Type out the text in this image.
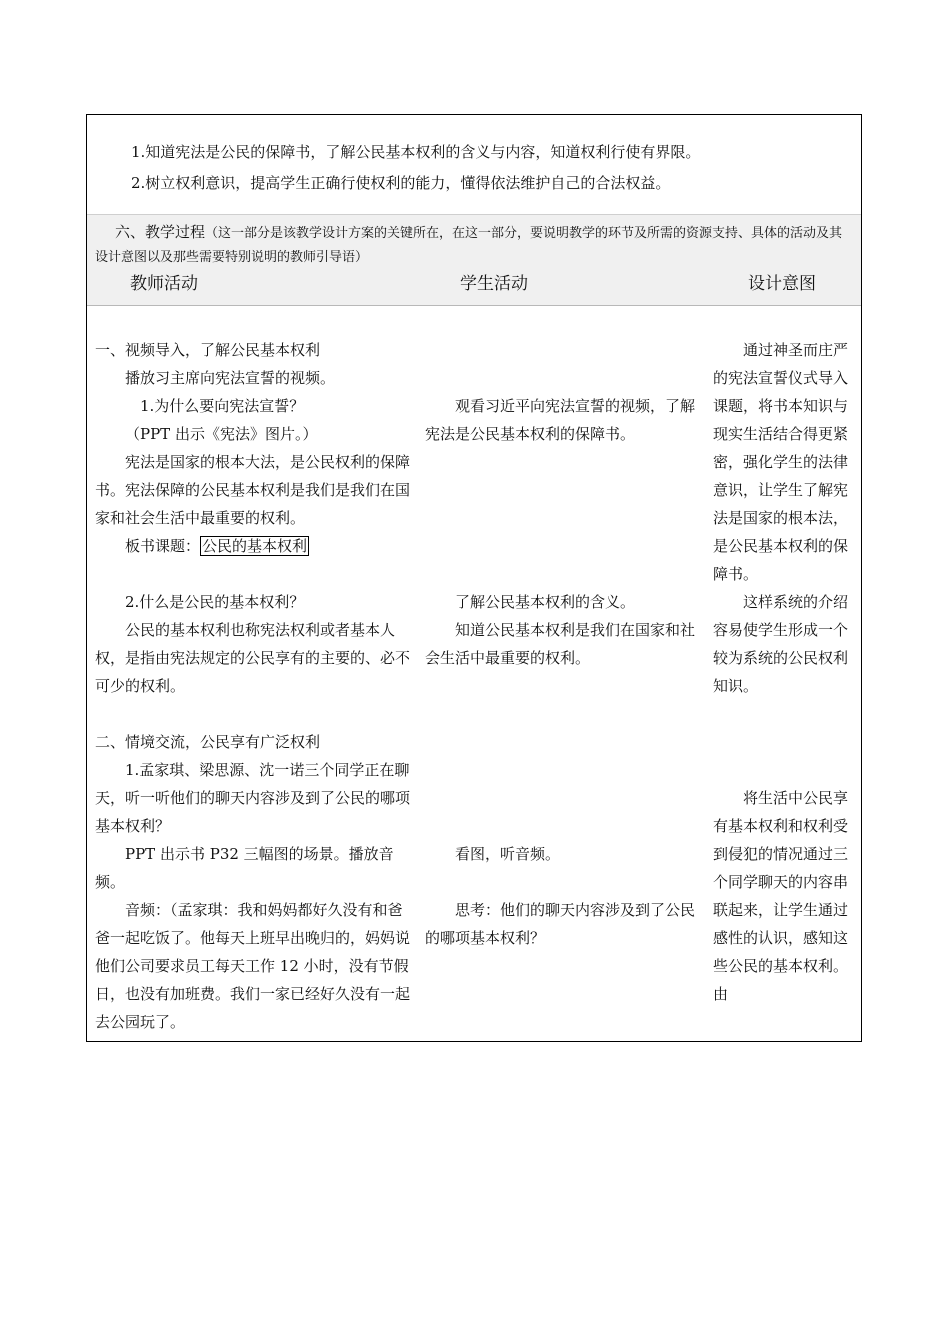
1.知道宪法是公民的保障书，了解公民基本权利的含义与内容，知道权利行使有界限。
2.树立权利意识，提高学生正确行使权利的能力，懂得依法维护自己的合法权益。
六、教学过程（这一部分是该教学设计方案的关键所在，在这一部分，要说明教学的环节及所需的资源支持、具体的活动及其设计意图以及那些需要特别说明的教师引导语）
教师活动	学生活动	设计意图

一、视频导入，了解公民基本权利

播放习主席向宪法宣誓的视频。

1.为什么要向宪法宣誓？

（PPT 出示《宪法》图片。）

宪法是国家的根本大法，是公民权利的保障书。宪法保障的公民基本权利是我们是我们在国家和社会生活中最重要的权利。

板书课题： 公民的基本权利

2.什么是公民的基本权利？

公民的基本权利也称宪法权利或者基本人权，是指由宪法规定的公民享有的主要的、必不可少的权利。

二、情境交流，公民享有广泛权利

1.孟家琪、梁思源、沈一诺三个同学正在聊天，听一听他们的聊天内容涉及到了公民的哪项基本权利？

PPT 出示书 P32 三幅图的场景。播放音频。

音频：（孟家琪：我和妈妈都好久没有和爸爸一起吃饭了。他每天上班早出晚归的，妈妈说他们公司要求员工每天工作 12 小时，没有节假日，也没有加班费。我们一家已经好久没有一起去公园玩了。

观看习近平向宪法宣誓的视频，了解宪法是公民基本权利的保障书。

了解公民基本权利的含义。

知道公民基本权利是我们在国家和社会生活中最重要的权利。

看图，听音频。

思考：他们的聊天内容涉及到了公民的哪项基本权利？

通过神圣而庄严的宪法宣誓仪式导入课题，将书本知识与现实生活结合得更紧密，强化学生的法律意识，让学生了解宪法是国家的根本法，是公民基本权利的保障书。

这样系统的介绍容易使学生形成一个较为系统的公民权利知识。

将生活中公民享有基本权利和权利受到侵犯的情况通过三个同学聊天的内容串联起来，让学生通过感性的认识，感知这些公民的基本权利。由
